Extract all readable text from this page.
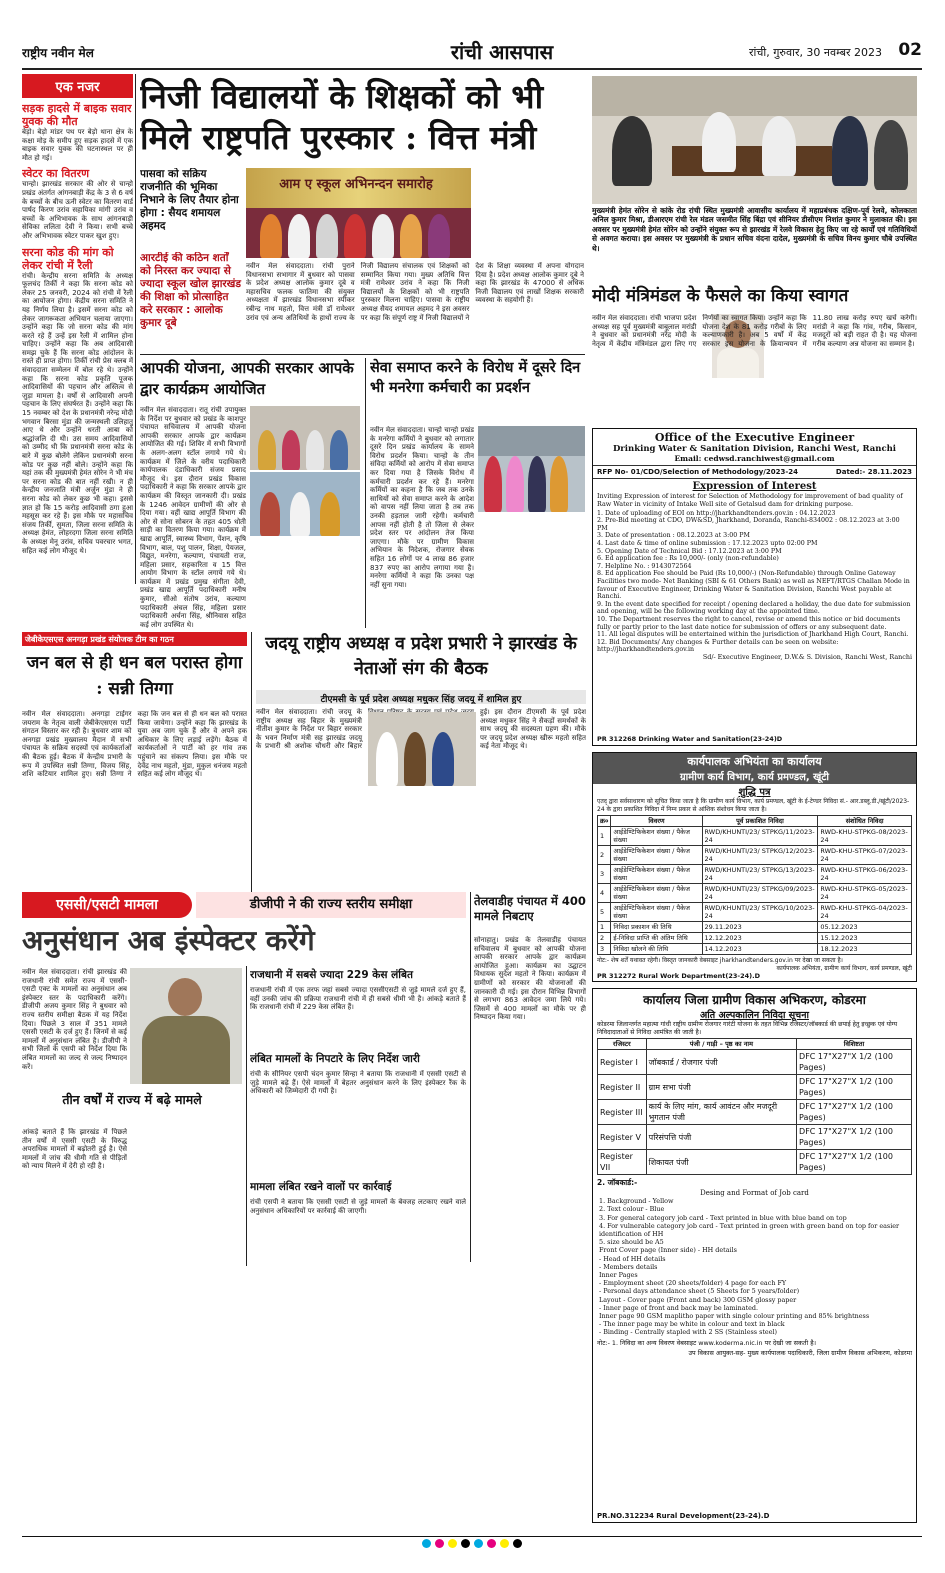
राष्ट्रीय नवीन मेल	रांची आसपास	रांची, गुरुवार, 30 नवम्बर 2023 02
एक नजर
सड़क हादसे में बाइक सवार युवक की मौत
बेड़ो। बेड़ो मांडर पथ पर बेड़ो थाना क्षेत्र के कक्षा मोड़ के समीप हुए सड़क हादसे में एक बाइक सवार युवक की घटनास्थल पर ही मौत हो गई।
स्वेटर का वितरण
चान्हो। झारखंड सरकार की ओर से चान्हो प्रखंड अंतर्गत आंगनबाड़ी केंद्र के 3 से 6 वर्ष के बच्चों के बीच ऊनी स्वेटर का वितरण वार्ड पार्षद किरण उरांव सहायिका मांगी उरांव व बच्चों के अभिभावक के साथ आंगनबाड़ी सेविका ललिता देवी ने किया। सभी बच्चे और अभिभावक स्वेटर पाकर खुश हुए।
सरना कोड की मांग को लेकर रांची में रैली
रांची। केन्द्रीय सरना समिति के अध्यक्ष फूलचंद तिर्की ने कहा कि सरना कोड को लेकर 25 जनवरी, 2024 को रांची में रैली का आयोजन होगा। केंद्रीय सरना समिति ने यह निर्णय लिया है। इसमें सरना कोड को लेकर जागरूकता अभियान चलाया जाएगा। उन्होंने कहा कि जो सरना कोड की मांग करते रहे हैं उन्हें इस रैली में शामिल होना चाहिए। उन्होंने कहा कि अब आदिवासी समझ चुके हैं कि सरना कोड आंदोलन के रास्ते ही प्राप्त होगा। तिर्की रांची प्रेस क्लब में संवाददाता सम्मेलन में बोल रहे थे। उन्होंने कहा कि सरना कोड प्रकृति पूजक आदिवासियों की पहचान और अस्तित्व से जुड़ा मामला है। वर्षों से आदिवासी अपनी पहचान के लिए संघर्षरत हैं। उन्होंने कहा कि 15 नवम्बर को देश के प्रधानमंत्री नरेन्द्र मोदी भगवान बिरसा मुंडा की जन्मस्थली उलिहातु आए थे और उन्होंने धरती आबा को श्रद्धांजलि दी थी। उस समय आदिवासियों को उम्मीद थी कि प्रधानमंत्री सरना कोड के बारे में कुछ बोलेंगे लेकिन प्रधानमंत्री सरना कोड पर कुछ नहीं बोले। उन्होंने कहा कि यहां तक की मुख्यमंत्री हेमंत सोरेन ने भी मंच पर सरना कोड की बात नहीं रखी। न ही केन्द्रीय जनजाति मंत्री अर्जुन मुंडा ने ही सरना कोड को लेकर कुछ भी कहा। इससे ज्ञात हो कि 15 करोड़ आदिवासी ठगा हुआ महसूस कर रहे हैं। इस मौके पर महासचिव संजय तिर्की, सुमता, जिला सरना समिति के अध्यक्ष हेमंत, लोहरदगा जिला सरना समिति के अध्यक्ष मेनू उरांव, सचिव पवरचार भगत, सहित कई लोग मौजूद थे।
निजी विद्यालयों के शिक्षकों को भी मिले राष्ट्रपति पुरस्कार : वित्त मंत्री
पासवा को सक्रिय राजनीति की भूमिका निभाने के लिए तैयार होना होगा : सैयद शमायल अहमद
आरटीई की कठिन शर्तों को निरस्त कर ज्यादा से ज्यादा स्कूल खोल झारखंड की शिक्षा को प्रोत्साहित करे सरकार : आलोक कुमार दूबे
आम ए स्कूल अभिनन्दन समारोह
नवीन मेल संवाददाता। रांची पुराने विधानसभा सभागार में बुधवार को पासवा के प्रदेश अध्यक्ष आलोक कुमार दूबे व महासचिव फलक फातिमा की संयुक्त अध्यक्षता में झारखंड विधानसभा स्पीकर रबीन्द्र नाथ महतो, वित्त मंत्री डॉ रामेश्वर उरांव एवं अन्य अतिथियों के हाथों राज्य के निजी विद्यालय संचालक एवं शिक्षकों को सम्मानित किया गया। मुख्य अतिथि वित्त मंत्री रामेश्वर उरांव ने कहा कि निजी विद्यालयों के शिक्षकों को भी राष्ट्रपति पुरस्कार मिलना चाहिए। पासवा के राष्ट्रीय अध्यक्ष सैयद शमायल अहमद ने इस अवसर पर कहा कि संपूर्ण राष्ट्र में निजी विद्यालयों ने देश के शिक्षा व्यवस्था में अपना योगदान दिया है। प्रदेश अध्यक्ष आलोक कुमार दूबे ने कहा कि झारखंड के 47000 से अधिक निजी विद्यालय एवं लाखों शिक्षक सरकारी व्यवस्था के सहयोगी हैं।
मुख्यमंत्री हेमंत सोरेन से कांके रोड रांची स्थित मुख्यमंत्री आवासीय कार्यालय में महाप्रबंधक दक्षिण-पूर्व रेलवे, कोलकाता अनिल कुमार मिश्रा, डीआरएम रांची रेल मंडल जसमीत सिंह बिंद्रा एवं सीनियर डीसीएम निशांत कुमार ने मुलाकात की। इस अवसर पर मुख्यमंत्री हेमंत सोरेन को उन्होंने संयुक्त रूप से झारखंड में रेलवे विकास हेतु किए जा रहे कार्यों एवं गतिविधियों से अवगत कराया। इस अवसर पर मुख्यमंत्री के प्रधान सचिव वंदना दादेल, मुख्यमंत्री के सचिव विनय कुमार चौबे उपस्थित थे।
मोदी मंत्रिमंडल के फैसले का किया स्वागत
नवीन मेल संवाददाता। रांची भाजपा प्रदेश अध्यक्ष सह पूर्व मुख्यमंत्री बाबूलाल मरांडी ने बुधवार को प्रधानमंत्री नरेंद्र मोदी के नेतृत्व में केंद्रीय मंत्रिमंडल द्वारा लिए गए निर्णयों का स्वागत किया। उन्होंने कहा कि योजना देश के 81 करोड़ गरीबों के लिए कल्याणकारी है। अब 5 वर्षों में केंद्र सरकार इस योजना के क्रियान्वयन में 11.80 लाख करोड़ रुपए खर्च करेगी। मरांडी ने कहा कि गांव, गरीब, किसान, मजदूरों को बड़ी राहत दी है। यह योजना गरीब कल्याण अन्न योजना का सम्मान है।
Office of the Executive Engineer
Drinking Water & Sanitation Division, Ranchi West, Ranchi
Email: cedwsd.ranchiwest@gmail.com
RFP No- 01/CDO/Selection of Methodology/2023-24	Dated:- 28.11.2023
Expression of Interest
Inviting Expression of interest for Selection of Methodology for improvement of bad quality of Raw Water in vicinity of Intake Well site of Getalsud dam for drinking purpose.
1. Date of uploading of EOI on http://jharkhandtenders.gov.in : 04.12.2023
2. Pre-Bid meeting at CDO, DW&SD, Jharkhand, Doranda, Ranchi-834002 : 08.12.2023 at 3:00 PM
3. Date of presentation : 08.12.2023 at 3:00 PM
4. Last date & time of online submission : 17.12.2023 upto 02:00 PM
5. Opening Date of Technical Bid : 17.12.2023 at 3:00 PM
6. Ed application fee : Rs 10,000/- (only (non-refundable)
7. Helpline No. : 9143072564
8. Ed application Fee should be Paid (Rs 10,000/-) (Non-Refundable) through Online Gateway Facilities two mode- Net Banking (SBI & 61 Others Bank) as well as NEFT/RTGS Challan Mode in favour of Executive Engineer, Drinking Water & Sanitation Division, Ranchi West payable at Ranchi.
9. In the event date specified for receipt / opening declared a holiday, the due date for submission and opening, will be the following working day at the appointed time.
10. The Department reserves the right to cancel, revise or amend this notice or bid documents fully or partly prior to the last date notice for submission of offers or any subsequent date.
11. All legal disputes will be entertained within the jurisdiction of Jharkhand High Court, Ranchi.
12. Bid Documents/ Any changes & Further details can be seen on website: http://jharkhandtenders.gov.in
Sd/- Executive Engineer, D.W.& S. Division, Ranchi West, Ranchi
PR 312268 Drinking Water and Sanitation(23-24)D
कार्यपालक अभियंता का कार्यालय
ग्रामीण कार्य विभाग, कार्य प्रमण्डल, खूंटी
शुद्धि पत्र
एतद् द्वारा सर्वसाधारण को सूचित किया जाता है कि ग्रामीण कार्य विभाग, कार्य प्रमण्डल, खूंटी के ई-टेण्डर निविदा सं.- आर.डब्लू.डी./खूंटी/2023-24 के द्वारा प्रकाशित निविदा में निम्न प्रकार से आंशिक संशोधन किया जाता है।
क्र०	विवरण	पूर्व प्रकाशित निविदा	संशोधित निविदा
1	आईडेण्टिफिकेशन संख्या / पैकेज संख्या	RWD/KHUNTI/23/ STPKG/11/2023-24	RWD-KHU-STPKG-08/2023-24
2	आईडेण्टिफिकेशन संख्या / पैकेज संख्या	RWD/KHUNTI/23/ STPKG/12/2023-24	RWD-KHU-STPKG-07/2023-24
3	आईडेण्टिफिकेशन संख्या / पैकेज संख्या	RWD/KHUNTI/23/ STPKG/13/2023-24	RWD-KHU-STPKG-06/2023-24
4	आईडेण्टिफिकेशन संख्या / पैकेज संख्या	RWD/KHUNTI/23/ STPKG/09/2023-24	RWD-KHU-STPKG-05/2023-24
5	आईडेण्टिफिकेशन संख्या / पैकेज संख्या	RWD/KHUNTI/23/ STPKG/10/2023-24	RWD-KHU-STPKG-04/2023-24
1	निविदा प्रकाशन की तिथि	29.11.2023	05.12.2023
2	ई-निविदा प्राप्ति की अंतिम तिथि	12.12.2023	15.12.2023
3	निविदा खोलने की तिथि	14.12.2023	18.12.2023
नोट:- शेष शर्तें यथावत रहेगी। विस्तृत जानकारी वेबसाइट jharkhandtenders.gov.in पर देखा जा सकता है।
कार्यपालक अभियंता, ग्रामीण कार्य विभाग, कार्य प्रमण्डल, खूंटी
PR 312272 Rural Work Department(23-24).D
कार्यालय जिला ग्रामीण विकास अभिकरण, कोडरमा
अति अल्पकालिन निविदा सूचना
कोडरमा जिलान्तर्गत महात्मा गांधी राष्ट्रीय ग्रामीण रोजगार गारंटी योजना के तहत विभिन्न रजिस्टर/जॉबकार्ड की छपाई हेतु इच्छुक एवं योग्य निविदादाताओं से निविदा आमंत्रित की जाती है।
रजिस्टर	पंजी / गाड़ी – पृष्ठ का नाम	विशिष्टता
Register I	जॉबकार्ड / रोजगार पंजी	DFC 17"X27"X 1/2 (100 Pages)
Register II	ग्राम सभा पंजी	DFC 17"X27"X 1/2 (100 Pages)
Register III	कार्य के लिए मांग, कार्य आवंटन और मजदूरी भुगतान पंजी	DFC 17"X27"X 1/2 (100 Pages)
Register V	परिसंपत्ति पंजी	DFC 17"X27"X 1/2 (100 Pages)
Register VII	शिकायत पंजी	DFC 17"X27"X 1/2 (100 Pages)
2. जॉबकार्ड:-
Desing and Format of Job card
1. Background - Yellow
2. Text colour - Blue
3. For general category job card - Text printed in blue with blue band on top
4. For vulnerable category job card - Text printed in green with green band on top for easier identification of HH
5. size should be A5
Front Cover page (Inner side) - HH details
- Head of HH details
- Members details
Inner Pages
- Employment sheet (20 sheets/folder) 4 page for each FY
- Personal days attendance sheet (5 Sheets for 5 years/folder)
Layout - Cover page (Front and back) 300 GSM glossy paper
- Inner page of front and back may be laminated.
Inner page 90 GSM maplitho paper with single colour printing and 85% brightness
- The inner page may be white in colour and text in black
- Binding - Centrally stapled with 2 SS (Stainless steel)
नोट:- 1. निविदा का अन्य विवरण वेबसाइट www.koderma.nic.in पर देखी जा सकती है।
उप विकास आयुक्त-सह- मुख्य कार्यपालक पदाधिकारी, जिला ग्रामीण विकास अभिकरण, कोडरमा
PR.NO.312234 Rural Development(23-24).D
आपकी योजना, आपकी सरकार आपके द्वार कार्यक्रम आयोजित
नवीन मेल संवाददाता। रातू रांची उपायुक्त के निर्देश पर बुधवार को प्रखंड के काशपुर पंचायत सचिवालय में आपकी योजना आपकी सरकार आपके द्वार कार्यक्रम आयोजित की गई। शिविर में सभी विभागों के अलग-अलग स्टॉल लगाये गये थे। कार्यक्रम में जिले के वरीय पदाधिकारी कार्यपालक दंडाधिकारी संजय प्रसाद मौजूद थे। इस दौरान प्रखंड विकास पदाधिकारी ने कहा कि सरकार आपके द्वार कार्यक्रम की विस्तृत जानकारी दी। प्रखंड के 1246 आवेदन ग्रामीणों की ओर से दिया गया। वहीं खाद्य आपूर्ति विभाग की ओर से सोना सोबरन के तहत 405 धोती साड़ी का वितरण किया गया। कार्यक्रम में खाद्य आपूर्ति, स्वास्थ्य विभाग, पेंशन, कृषि विभाग, बाल, पशु पालन, शिक्षा, पेयजल, विद्युत, मनरेगा, कल्याण, पंचायती राज, महिला प्रसार, सहकारिता व 15 वित्त आयोग विभाग के स्टॉल लगाये गये थे। कार्यक्रम में प्रखंड प्रमुख संगीता देवी, प्रखंड खाद्य आपूर्ति पदाधिकारी मनीष कुमार, सीओ संतोष उरांव, कल्याण पदाधिकारी अंचल सिंह, महिला प्रसार पदाधिकारी अर्चना सिंह, श्रीनिवास सहित कई लोग उपस्थित थे।
सेवा समाप्त करने के विरोध में दूसरे दिन भी मनरेगा कर्मचारी का प्रदर्शन
नवीन मेल संवाददाता। चान्हो चान्हो प्रखंड के मनरेगा कर्मियों ने बुधवार को लगातार दूसरे दिन प्रखंड कार्यालय के सामने विरोध प्रदर्शन किया। चान्हो के तीन संविदा कर्मियों को आरोप में सेवा समाप्त कर दिया गया है जिसके विरोध में कर्मचारी प्रदर्शन कर रहे हैं। मनरेगा कर्मियों का कहना है कि जब तक उनके साथियों को सेवा समाप्त करने के आदेश को वापस नहीं लिया जाता है तब तक उनकी हड़ताल जारी रहेगी। कर्मचारी आपस नहीं होती है तो जिला से लेकर प्रदेश स्तर पर आंदोलन तेज किया जाएगा। मौके पर ग्रामीण विकास अभियान के निदेशक, रोजगार सेवक सहित 16 लोगों पर 4 लाख 86 हजार 837 रुपए का आरोप लगाया गया है। मनरेगा कर्मियों ने कहा कि उनका पक्ष नहीं सुना गया।
जेबीकेएसएस अनगड़ा प्रखंड संयोजक टीम का गठन
जन बल से ही धन बल परास्त होगा : सन्नी तिग्गा
नवीन मेल संवाददाता। अनगड़ा टाईगर जयराम के नेतृत्व वाली जेबीकेएसएस पार्टी संगठन विस्तार कर रही है। बुधवार शाम को अनगड़ा प्रखंड मुख्यालय मैदान में सभी पंचायत के सक्रिय सदस्यों एवं कार्यकर्ताओं की बैठक हुई। बैठक में केन्द्रीय प्रभारी के रूप में उपस्थित सन्नी तिग्गा, विजय सिंह, शशि कटियार शामिल हुए। सन्नी तिग्गा ने कहा कि जन बल से ही धन बल को परास्त किया जायेगा। उन्होंने कहा कि झारखंड के युवा अब जाग चुके हैं और वे अपने हक अधिकार के लिए लड़ाई लड़ेंगे। बैठक में कार्यकर्ताओं ने पार्टी को हर गांव तक पहुंचाने का संकल्प लिया। इस मौके पर देवेंद्र नाथ महतो, मुंडा, मुकुल धनंजय महतो सहित कई लोग मौजूद थे।
जदयू राष्ट्रीय अध्यक्ष व प्रदेश प्रभारी ने झारखंड के नेताओं संग की बैठक
टीएमसी के पूर्व प्रदेश अध्यक्ष मधुकर सिंह जदयू में शामिल हुए
नवीन मेल संवाददाता। रांची जदयू के राष्ट्रीय अध्यक्ष सह बिहार के मुख्यमंत्री नीतीश कुमार के निर्देश पर बिहार सरकार के भवन निर्माण मंत्री सह झारखंड जदयू के प्रभारी श्री अशोक चौधरी और बिहार हुई। इस दौरान टीएमसी के पूर्व प्रदेश अध्यक्ष मधुकर सिंह ने सैकड़ों समर्थकों के साथ जदयू की सदस्यता ग्रहण की। मौके पर जदयू प्रदेश अध्यक्ष खीरू महतो सहित कई नेता मौजूद थे।
एससी/एसटी मामला	डीजीपी ने की राज्य स्तरीय समीक्षा
अनुसंधान अब इंस्पेक्टर करेंगे
नवीन मेल संवाददाता। रांची झारखंड की राजधानी रांची समेत राज्य में एससी-एसटी एक्ट के मामलों का अनुसंधान अब इंस्पेक्टर स्तर के पदाधिकारी करेंगे। डीजीपी अजय कुमार सिंह ने बुधवार को राज्य स्तरीय समीक्षा बैठक में यह निर्देश दिया। पिछले 3 साल में 351 मामले एससी एसटी के दर्ज हुए हैं। जिनमें से कई मामलों में अनुसंधान लंबित है। डीजीपी ने सभी जिलों के एसपी को निर्देश दिया कि लंबित मामलों का जल्द से जल्द निष्पादन करें।
तीन वर्षों में राज्य में बढ़े मामले
आंकड़े बताते हैं कि झारखंड में पिछले तीन वर्षों में एससी एसटी के विरुद्ध अपराधिक मामलों में बढ़ोतरी हुई है। ऐसे मामलों में जांच की धीमी गति से पीड़ितों को न्याय मिलने में देरी हो रही है।
राजधानी में सबसे ज्यादा 229 केस लंबित
राजधानी रांची में एक तरफ जहां सबसे ज्यादा एससीएसटी से जुड़े मामले दर्ज हुए हैं, वहीं उनकी जांच की प्रक्रिया राजधानी रांची में ही सबसे धीमी भी है। आंकड़े बताते हैं कि राजधानी रांची में 229 केस लंबित हैं।
लंबित मामलों के निपटारे के लिए निर्देश जारी
रांची के सीनियर एसपी चंदन कुमार सिन्हा ने बताया कि राजधानी में एससी एसटी से जुड़े मामले बढ़े हैं। ऐसे मामलों में बेहतर अनुसंधान करने के लिए इंस्पेक्टर रैंक के अधिकारी को जिम्मेदारी दी गयी है।
मामला लंबित रखने वालों पर कार्रवाई
रांची एसपी ने बताया कि एससी एसटी से जुड़े मामलों के बेवजह लटकाए रखने वाले अनुसंधान अधिकारियों पर कार्रवाई की जाएगी।
तेलवाडीह पंचायत में 400 मामले निबटाए
सोनाहातु। प्रखंड के तेलवाडीह पंचायत सचिवालय में बुधवार को आपकी योजना आपकी सरकार आपके द्वार कार्यक्रम आयोजित हुआ। कार्यक्रम का उद्घाटन विधायक सुदेश महतो ने किया। कार्यक्रम में ग्रामीणों को सरकार की योजनाओं की जानकारी दी गई। इस दौरान विभिन्न विभागों से लगभग 863 आवेदन जमा लिये गये। जिसमें से 400 मामलों का मौके पर ही निष्पादन किया गया।
